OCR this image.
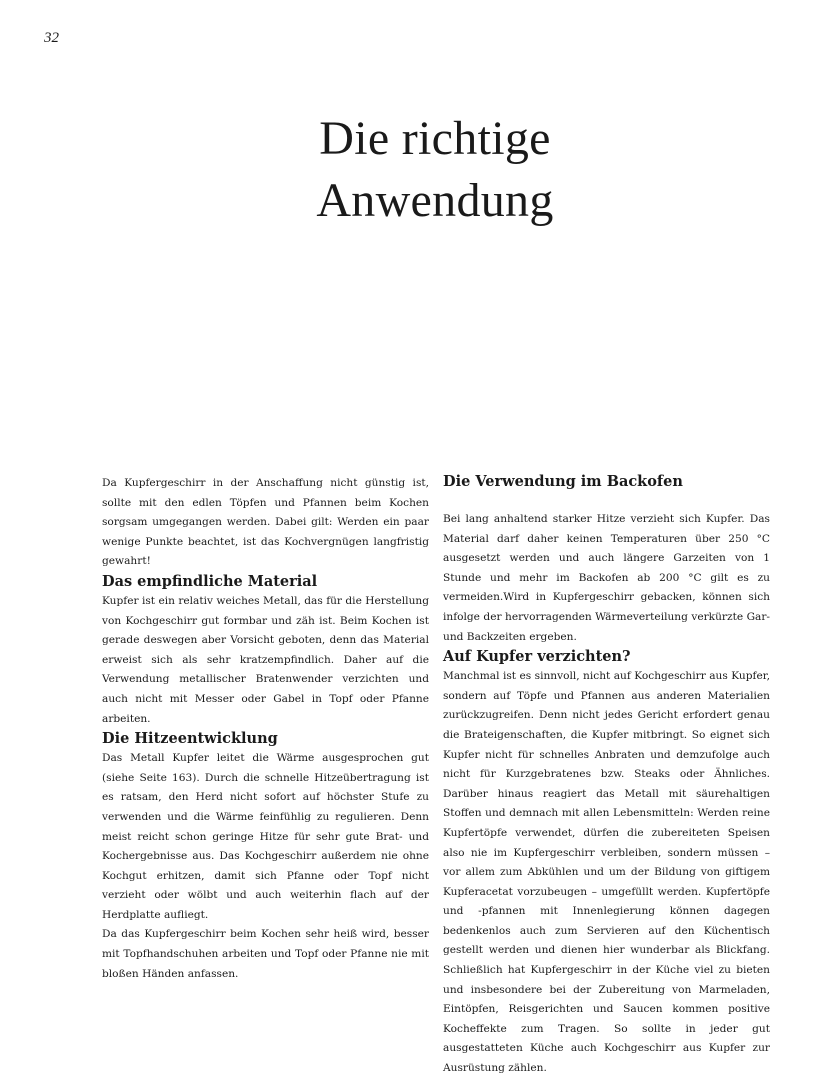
32
Die richtige
Anwendung

Da Kupfergeschirr in der Anschaffung nicht günstig ist, sollte mit den edlen Töpfen und Pfannen beim Kochen sorgsam umgegangen werden. Dabei gilt: Werden ein paar wenige Punkte beachtet, ist das Kochvergnügen langfristig gewahrt!

Das empfindliche Material

Kupfer ist ein relativ weiches Metall, das für die Herstellung von Kochgeschirr gut formbar und zäh ist. Beim Kochen ist gerade deswegen aber Vorsicht geboten, denn das Material erweist sich als sehr kratzempfindlich. Daher auf die Verwendung metallischer Bratenwender verzichten und auch nicht mit Messer oder Gabel in Topf oder Pfanne arbeiten.

Die Hitzeentwicklung

Das Metall Kupfer leitet die Wärme ausgesprochen gut (siehe Seite 163). Durch die schnelle Hitzeübertragung ist es ratsam, den Herd nicht sofort auf höchster Stufe zu verwenden und die Wärme feinfühlig zu regulieren. Denn meist reicht schon geringe Hitze für sehr gute Brat- und Kochergebnisse aus. Das Kochgeschirr außerdem nie ohne Kochgut erhitzen, damit sich Pfanne oder Topf nicht verzieht oder wölbt und auch weiterhin flach auf der Herdplatte aufliegt.

Da das Kupfergeschirr beim Kochen sehr heiß wird, besser mit Topfhandschuhen arbeiten und Topf oder Pfanne nie mit bloßen Händen anfassen.

Die Verwendung im Backofen

Bei lang anhaltend starker Hitze verzieht sich Kupfer. Das Material darf daher keinen Temperaturen über 250 °C ausgesetzt werden und auch längere Garzeiten von 1 Stunde und mehr im Backofen ab 200 °C gilt es zu vermeiden.Wird in Kupfergeschirr gebacken, können sich infolge der hervorragenden Wärmeverteilung verkürzte Gar- und Backzeiten ergeben.

Auf Kupfer verzichten?

Manchmal ist es sinnvoll, nicht auf Kochgeschirr aus Kupfer, sondern auf Töpfe und Pfannen aus anderen Materialien zurückzugreifen. Denn nicht jedes Gericht erfordert genau die Brateigenschaften, die Kupfer mitbringt. So eignet sich Kupfer nicht für schnelles Anbraten und demzufolge auch nicht für Kurzgebratenes bzw. Steaks oder Ähnliches. Darüber hinaus reagiert das Metall mit säurehaltigen Stoffen und demnach mit allen Lebensmitteln: Werden reine Kupfertöpfe verwendet, dürfen die zubereiteten Speisen also nie im Kupfergeschirr verbleiben, sondern müssen – vor allem zum Abkühlen und um der Bildung von giftigem Kupferacetat vorzubeugen – umgefüllt werden. Kupfertöpfe und -pfannen mit Innenlegierung können dagegen bedenkenlos auch zum Servieren auf den Küchentisch gestellt werden und dienen hier wunderbar als Blickfang. Schließlich hat Kupfergeschirr in der Küche viel zu bieten und insbesondere bei der Zubereitung von Marmeladen, Eintöpfen, Reisgerichten und Saucen kommen positive Kocheffekte zum Tragen. So sollte in jeder gut ausgestatteten Küche auch Kochgeschirr aus Kupfer zur Ausrüstung zählen.
